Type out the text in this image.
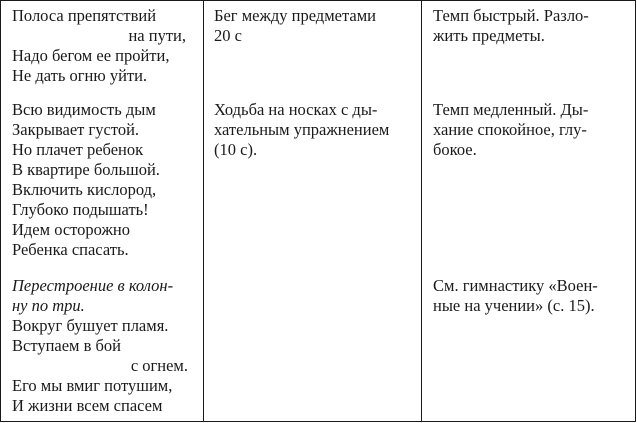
Полоса препятствий
на пути,
Надо бегом ее пройти,
Не дать огню уйти.
Всю видимость дым
Закрывает густой.
Но плачет ребенок
В квартире большой.
Включить кислород,
Глубоко подышать!
Идем осторожно
Ребенка спасать.
Перестроение в колон-
ну по три.
Вокруг бушует пламя.
Вступаем в бой
с огнем.
Его мы вмиг потушим,
И жизни всем спасем
Бег между предметами
20 с
Ходьба на носках с ды-
хательным упражнением
(10 с).
Темп быстрый. Разло-
жить предметы.
Темп медленный. Ды-
хание спокойное, глу-
бокое.
См. гимнастику «Воен-
ные на учении» (с. 15).
